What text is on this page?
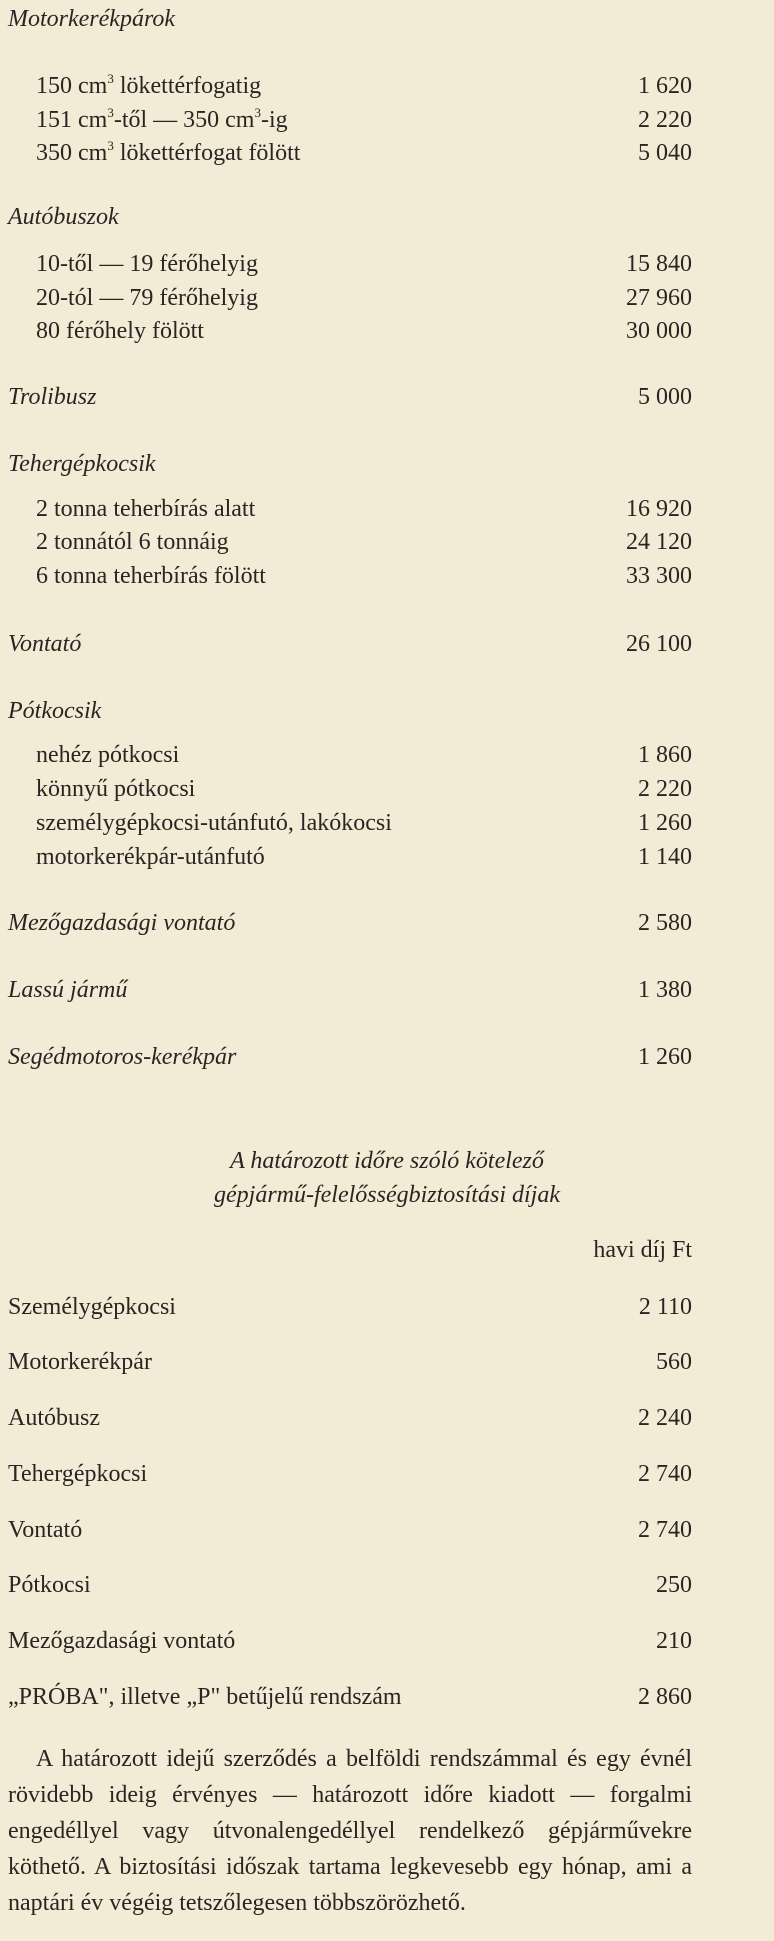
Motorkerékpárok
150 $cm^3$ lökettérfogatig	1 620
151 $cm^3$-től — 350 $cm^3-ig$	2 220
350 $cm^3$ lökettérfogat fölött	5 040
Autóbuszok
10-től — 19 férőhelyig	15 840
20-tól — 79 férőhelyig	27 960
80 férőhely fölött	30 000
Trolibusz	5 000
Tehergépkocsik
2 tonna teherbírás alatt	16 920
2 tonnától 6 tonnáig	24 120
6 tonna teherbírás fölött	33 300
Vontató	26 100
Pótkocsik
nehéz pótkocsi	1 860
könnyű pótkocsi	2 220
személygépkocsi-utánfutó, lakókocsi	1 260
motorkerékpár-utánfutó	1 140
Mezőgazdasági vontató	2 580
Lassú jármű	1 380
Segédmotoros-kerékpár	1 260
A határozott időre szóló kötelező
gépjármű-felelősségbiztosítási díjak
havi díj Ft
Személygépkocsi	2 110
Motorkerékpár	560
Autóbusz	2 240
Tehergépkocsi	2 740
Vontató	2 740
Pótkocsi	250
Mezőgazdasági vontató	210
„PRÓBA", illetve „P" betűjelű rendszám	2 860

A határozott idejű szerződés a belföldi rendszámmal és egy évnél rövidebb ideig érvényes — határozott időre kiadott — forgalmi engedéllyel vagy útvonalengedéllyel rendelkező gépjárművekre köthető. A biztosítási időszak tartama legkevesebb egy hónap, ami a naptári év végéig tetszőlegesen többszörözhető.
